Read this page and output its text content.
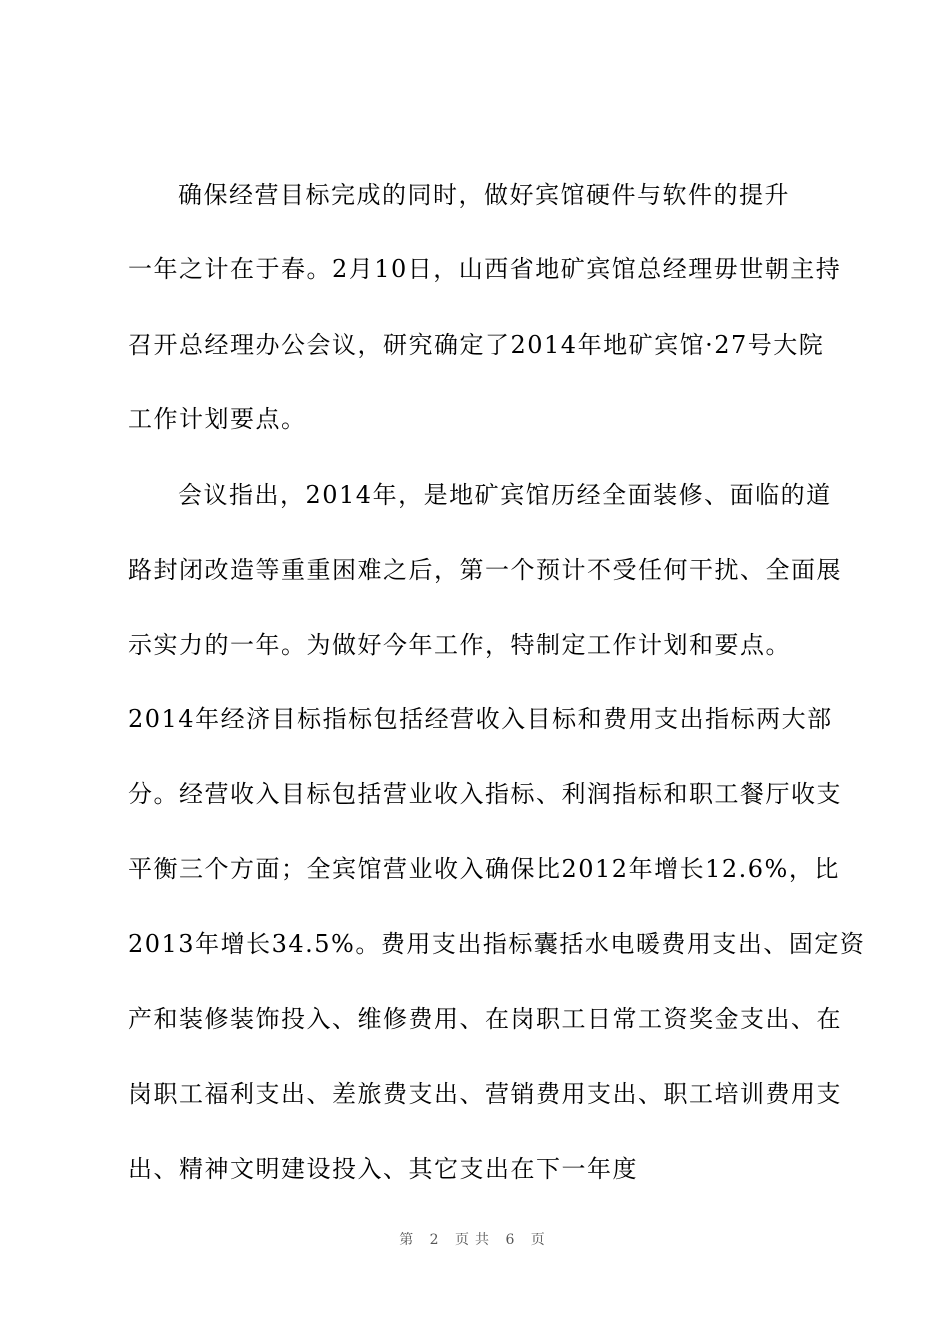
确保经营目标完成的同时，做好宾馆硬件与软件的提升
一年之计在于春。2月10日，山西省地矿宾馆总经理毋世朝主持
召开总经理办公会议，研究确定了2014年地矿宾馆·27号大院
工作计划要点。
会议指出，2014年，是地矿宾馆历经全面装修、面临的道
路封闭改造等重重困难之后，第一个预计不受任何干扰、全面展
示实力的一年。为做好今年工作，特制定工作计划和要点。
2014年经济目标指标包括经营收入目标和费用支出指标两大部
分。经营收入目标包括营业收入指标、利润指标和职工餐厅收支
平衡三个方面；全宾馆营业收入确保比2012年增长12.6%，比
2013年增长34.5%。费用支出指标囊括水电暖费用支出、固定资
产和装修装饰投入、维修费用、在岗职工日常工资奖金支出、在
岗职工福利支出、差旅费支出、营销费用支出、职工培训费用支
出、精神文明建设投入、其它支出在下一年度
第 2 页共 6 页
